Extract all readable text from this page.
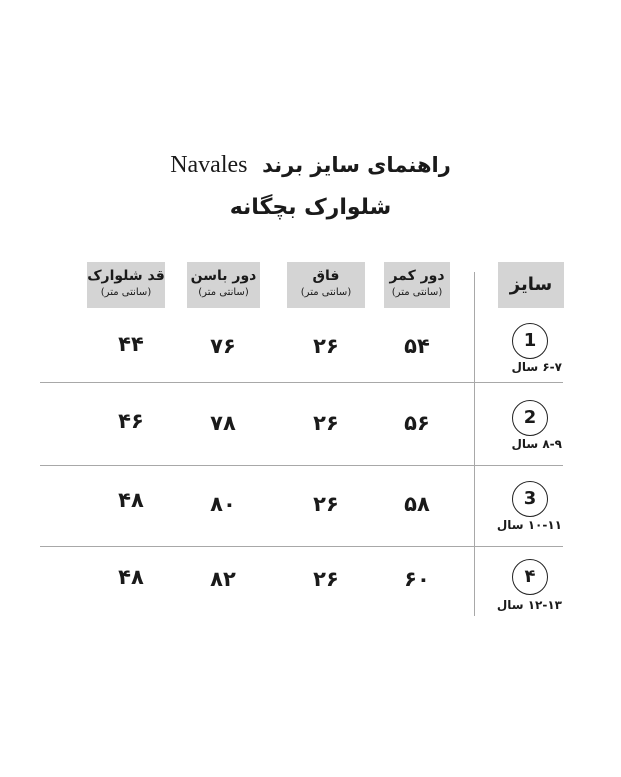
Navales راهنمای سایز برند
شلوارک بچگانه
سایز
دور کمر
(سانتی متر)
فاق
(سانتی متر)
دور باسن
(سانتی متر)
قد شلوارک
(سانتی متر)
1
۶-۷ سال
۵۴
۲۶
۷۶
۴۴
2
۸-۹ سال
۵۶
۲۶
۷۸
۴۶
3
۱۰-۱۱ سال
۵۸
۲۶
۸۰
۴۸
۴
۱۲-۱۳ سال
۶۰
۲۶
۸۲
۴۸
